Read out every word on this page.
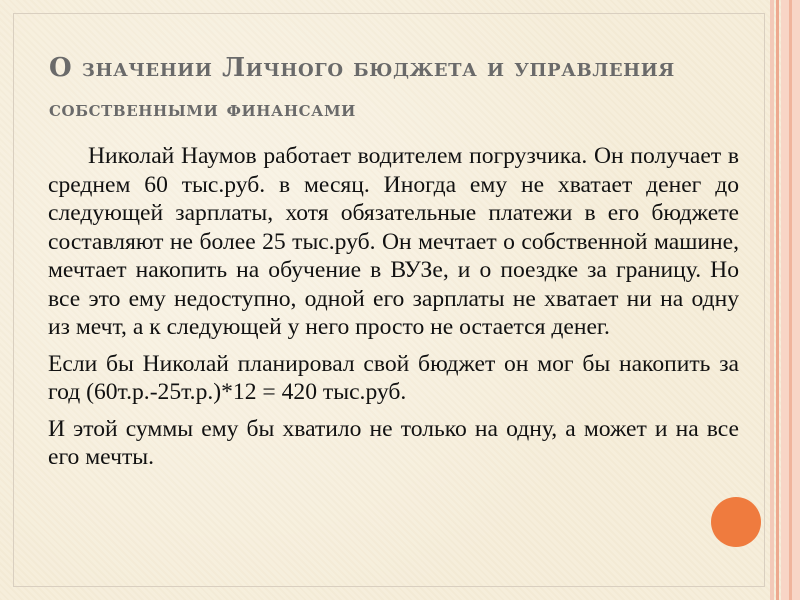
О значении Личного бюджета и управления
собственными финансами

Николай Наумов работает водителем погрузчика. Он получает в среднем 60 тыс.руб. в месяц. Иногда ему не хватает денег до следующей зарплаты, хотя обязательные платежи в его бюджете составляют не более 25 тыс.руб. Он мечтает о собственной машине, мечтает накопить на обучение в ВУЗе, и о поездке за границу. Но все это ему недоступно, одной его зарплаты не хватает ни на одну из мечт, а к следующей у него просто не остается денег.

Если бы Николай планировал свой бюджет он мог бы накопить за год (60т.р.-25т.р.)*12 = 420 тыс.руб.

И этой суммы ему бы хватило не только на одну, а может и на все его мечты.
